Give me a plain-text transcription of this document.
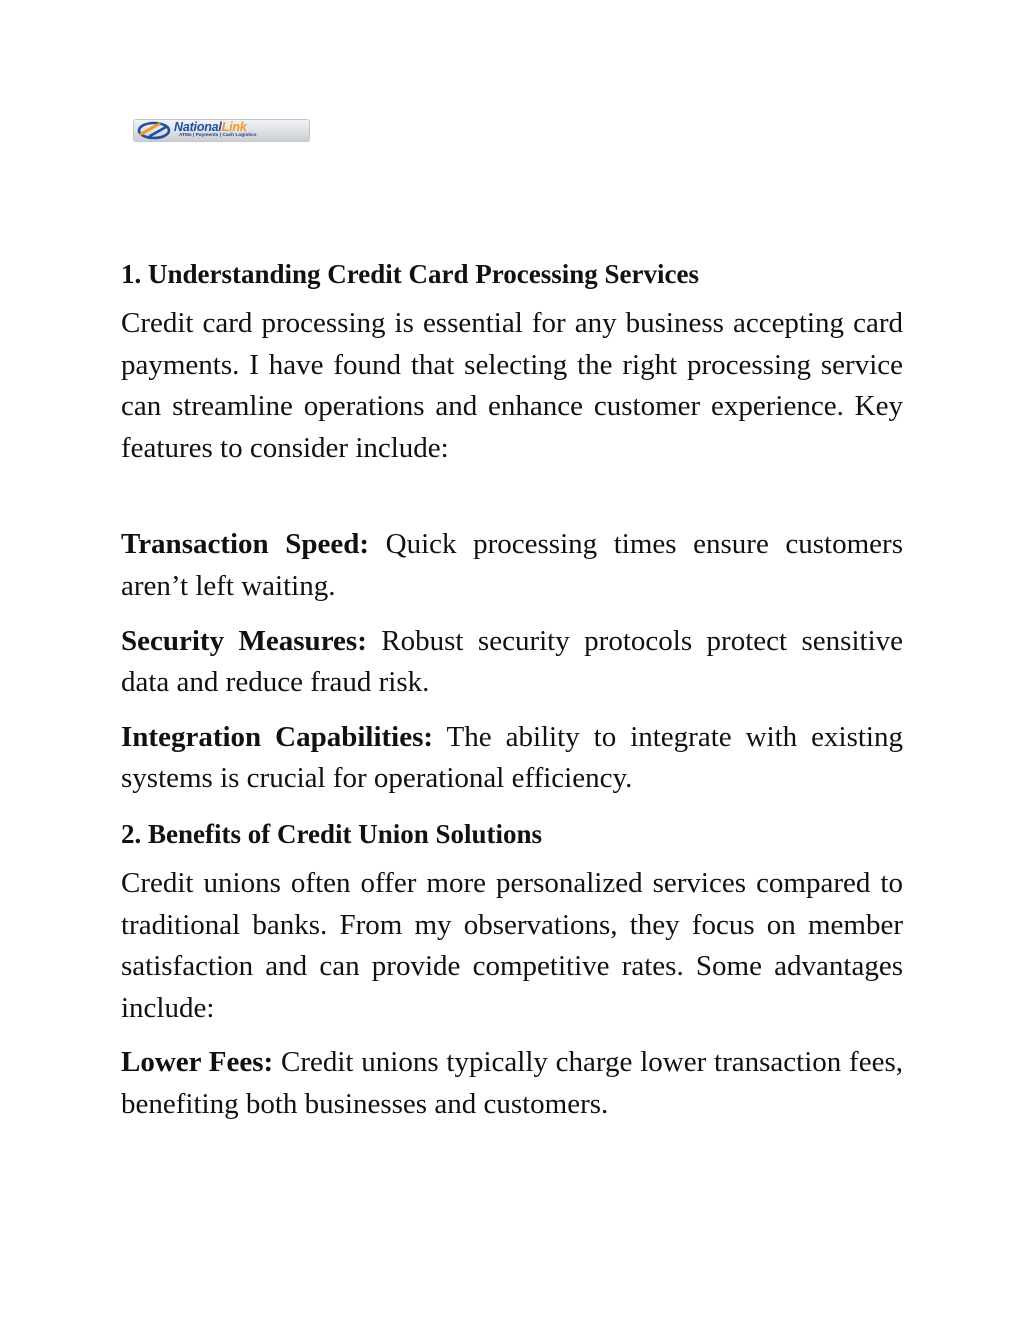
NationalLink
ATMs | Payments | Cash Logistics
1. Understanding Credit Card Processing Services

Credit card processing is essential for any business accepting card payments. I have found that selecting the right processing service can streamline operations and enhance customer experience. Key features to consider include:

Transaction Speed: Quick processing times ensure customers aren’t left waiting.

Security Measures: Robust security protocols protect sensitive data and reduce fraud risk.

Integration Capabilities: The ability to integrate with existing systems is crucial for operational efficiency.

2. Benefits of Credit Union Solutions

Credit unions often offer more personalized services compared to traditional banks. From my observations, they focus on member satisfaction and can provide competitive rates. Some advantages include:

Lower Fees: Credit unions typically charge lower transaction fees, benefiting both businesses and customers.
